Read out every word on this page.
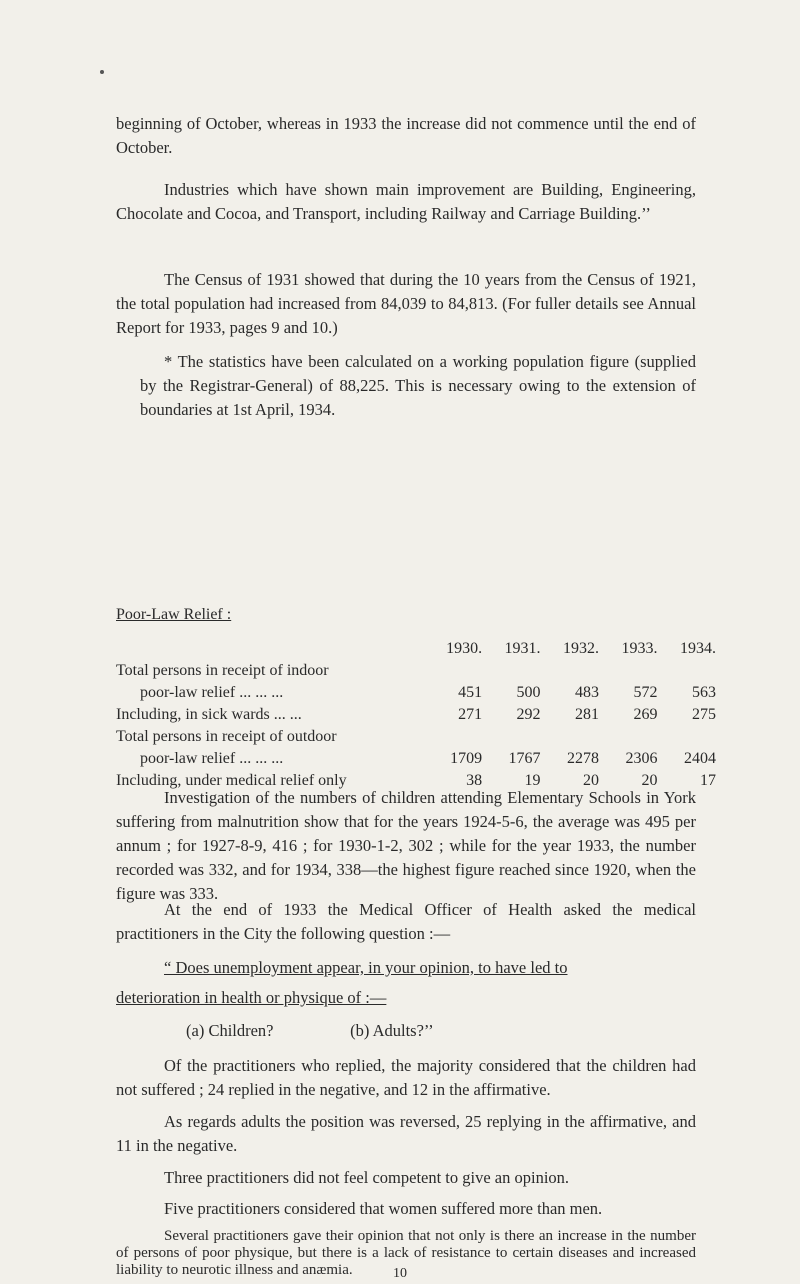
beginning of October, whereas in 1933 the increase did not commence until the end of October.

Industries which have shown main improvement are Building, Engineering, Chocolate and Cocoa, and Transport, including Railway and Carriage Building.’’

The Census of 1931 showed that during the 10 years from the Census of 1921, the total population had increased from 84,039 to 84,813. (For fuller details see Annual Report for 1933, pages 9 and 10.)

* The statistics have been calculated on a working population figure (supplied by the Registrar-General) of 88,225. This is necessary owing to the extension of boundaries at 1st April, 1934.

Poor-Law Relief :

	1930.	1931.	1932.	1933.	1934.
Total persons in receipt of indoor					
poor-law relief ... ... ...	451	500	483	572	563
Including, in sick wards ... ...	271	292	281	269	275
Total persons in receipt of outdoor					
poor-law relief ... ... ...	1709	1767	2278	2306	2404
Including, under medical relief only	38	19	20	20	17

Investigation of the numbers of children attending Elementary Schools in York suffering from malnutrition show that for the years 1924-5-6, the average was 495 per annum ; for 1927-8-9, 416 ; for 1930-1-2, 302 ; while for the year 1933, the number recorded was 332, and for 1934, 338—the highest figure reached since 1920, when the figure was 333.

At the end of 1933 the Medical Officer of Health asked the medical practitioners in the City the following question :—

“ Does unemployment appear, in your opinion, to have led to

deterioration in health or physique of :—

(a) Children?	(b) Adults?’’

Of the practitioners who replied, the majority considered that the children had not suffered ; 24 replied in the negative, and 12 in the affirmative.

As regards adults the position was reversed, 25 replying in the affirmative, and 11 in the negative.

Three practitioners did not feel competent to give an opinion.

Five practitioners considered that women suffered more than men.

Several practitioners gave their opinion that not only is there an increase in the number of persons of poor physique, but there is a lack of resistance to certain diseases and increased liability to neurotic illness and anæmia.	10
